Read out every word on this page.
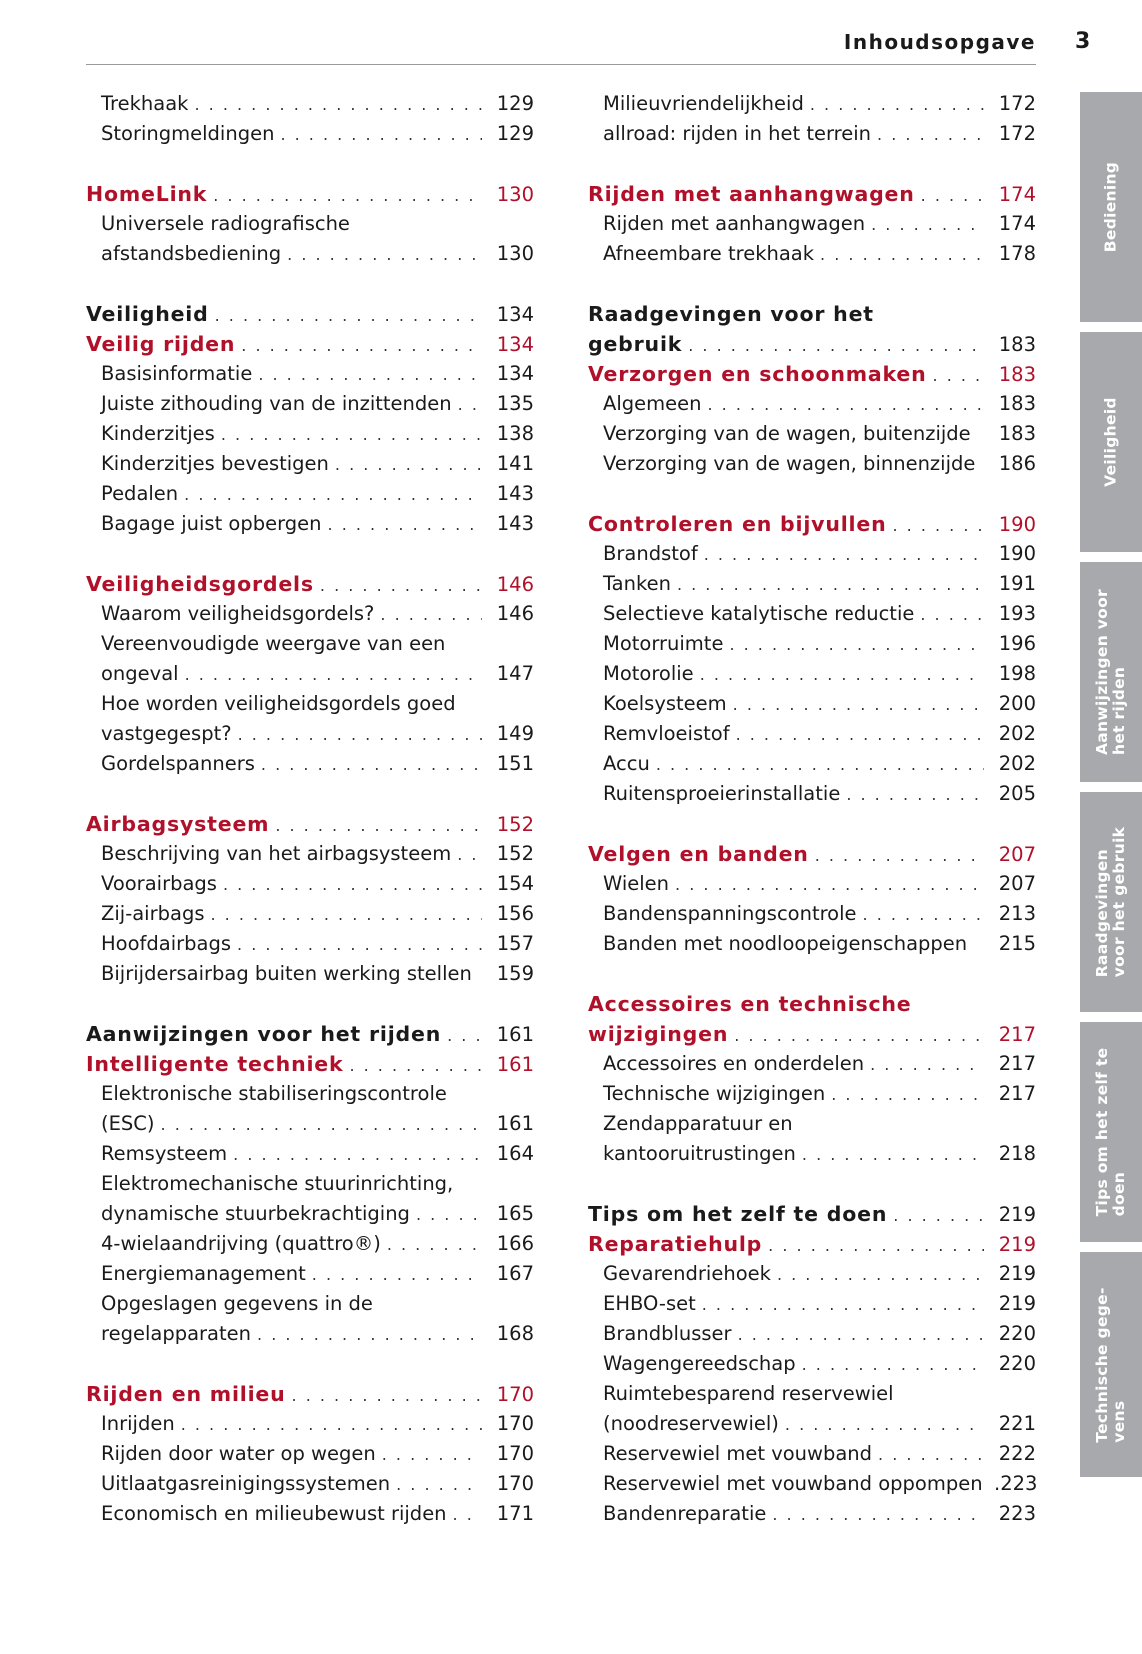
Inhoudsopgave 3
Trekhaak . . .	129
Storingmeldingen . . .	129
HomeLink . . .	130
Universele radiografische
afstandsbediening . . .	130
Veiligheid . . .	134
Veilig rijden . . .	134
Basisinformatie . . .	134
Juiste zithouding van de inzittenden . . . 135
Kinderzitjes . . .	138
Kinderzitjes bevestigen . . .	141
Pedalen . . .	143
Bagage juist opbergen . . .	143
Veiligheidsgordels . . .	146
Waarom veiligheidsgordels? . . .	146
Vereenvoudigde weergave van een
ongeval . . .	147
Hoe worden veiligheidsgordels goed
vastgegespt? . . .	149
Gordelspanners . . .	151
Airbagsysteem . . .	152
Beschrijving van het airbagsysteem . . . 152
Voorairbags . . .	154
Zij-airbags . . .	156
Hoofdairbags . . .	157
Bijrijdersairbag buiten werking stellen 159
Aanwijzingen voor het rijden . . .	161
Intelligente techniek . . .	161
Elektronische stabiliseringscontrole
(ESC) . . .	161
Remsysteem . . .	164
Elektromechanische stuurinrichting,
dynamische stuurbekrachtiging . . .	165
4-wielaandrijving (quattro®) . . .	166
Energiemanagement . . .	167
Opgeslagen gegevens in de
regelapparaten . . .	168
Rijden en milieu . . .	170
Inrijden . . .	170
Rijden door water op wegen . . .	170
Uitlaatgasreinigingssystemen . . .	170
Economisch en milieubewust rijden . . .	171
Milieuvriendelijkheid . . .	172
allroad: rijden in het terrein . . .	172
Rijden met aanhangwagen . . .	174
Rijden met aanhangwagen . . .	174
Afneembare trekhaak . . .	178
Raadgevingen voor het
gebruik . . .	183
Verzorgen en schoonmaken . . .	183
Algemeen . . .	183
Verzorging van de wagen, buitenzijde 183
Verzorging van de wagen, binnenzijde 186
Controleren en bijvullen . . .	190
Brandstof . . .	190
Tanken . . .	191
Selectieve katalytische reductie . . .	193
Motorruimte . . .	196
Motorolie . . .	198
Koelsysteem . . .	200
Remvloeistof . . .	202
Accu . . .	202
Ruitensproeierinstallatie . . .	205
Velgen en banden . . .	207
Wielen . . .	207
Bandenspanningscontrole . . .	213
Banden met noodloopeigenschappen 215
Accessoires en technische
wijzigingen . . .	217
Accessoires en onderdelen . . .	217
Technische wijzigingen . . .	217
Zendapparatuur en
kantooruitrustingen . . .	218
Tips om het zelf te doen . . .	219
Reparatiehulp . . .	219
Gevarendriehoek . . .	219
EHBO-set . . .	219
Brandblusser . . .	220
Wagengereedschap . . .	220
Ruimtebesparend reservewiel
(noodreservewiel) . . .	221
Reservewiel met vouwband . . .	222
Reservewiel met vouwband oppompen .223
Bandenreparatie . . .	223
Bediening
Veiligheid
Aanwijzingen voor het rijden
Raadgevingen voor het gebruik
Tips om het zelf te doen
Technische gege- vens
